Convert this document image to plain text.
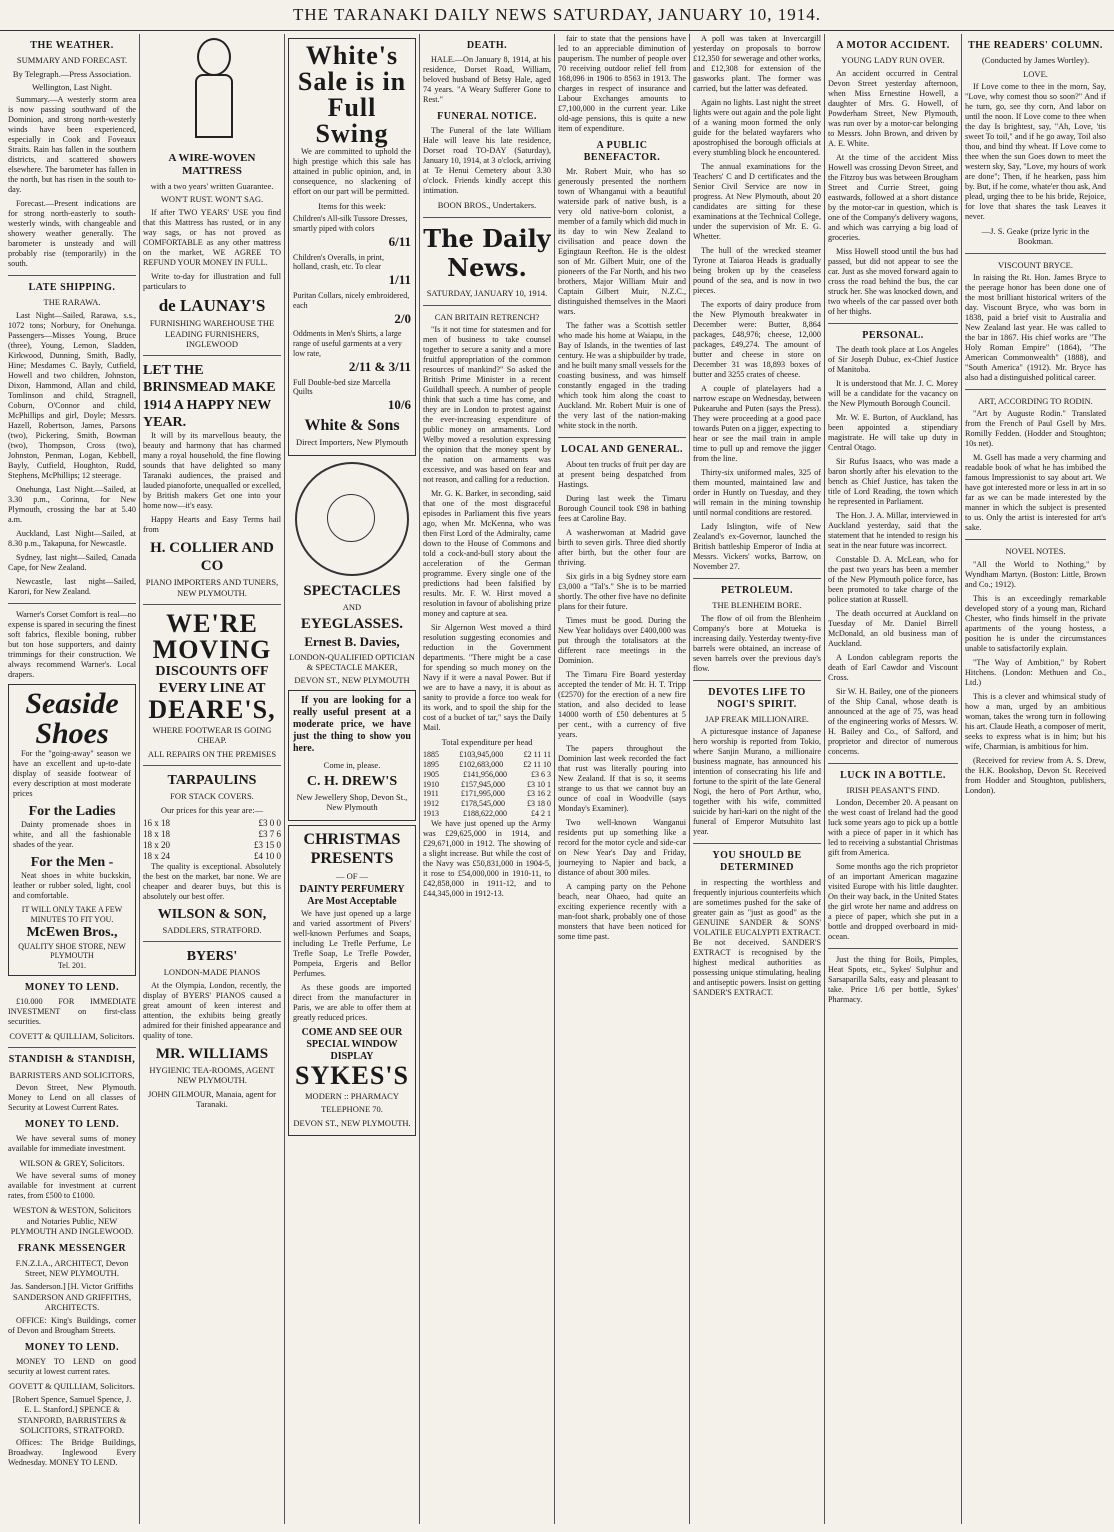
THE TARANAKI DAILY NEWS SATURDAY, JANUARY 10, 1914.
THE WEATHER.
SUMMARY AND FORECAST.
By Telegraph.—Press Association.
Wellington, Last Night.

Summary.—A westerly storm area is now passing southward of the Dominion, and strong north-westerly winds have been experienced, especially in Cook and Foveaux Straits. Rain has fallen in the southern districts, and scattered showers elsewhere. The barometer has fallen in the north, but has risen in the south to-day.

Forecast.—Present indications are for strong north-easterly to south-westerly winds, with changeable and showery weather generally. The barometer is unsteady and will probably rise (temporarily) in the south.

LATE SHIPPING.
THE RARAWA.

Last Night—Sailed, Rarawa, s.s., 1072 tons; Norbury, for Onehunga. Passengers—Misses Young, Bruce (three), Young, Lemon, Sladden, Kirkwood, Dunning, Smith, Badly, Hine; Mesdames C. Bayly, Cutfield, Howell and two children, Johnston, Dixon, Hammond, Allan and child, Tomlinson and child, Stragnell, Coburn, O'Connor and child, McPhillips and girl, Doyle; Messrs. Hazell, Robertson, James, Parsons (two), Pickering, Smith, Bowman (two), Thompson, Cross (two), Johnston, Penman, Logan, Kebbell, Bayly, Cutfield, Houghton, Rudd, Stephens, McPhillips; 12 steerage.

Onehunga, Last Night.—Sailed, at 3.30 p.m., Corinna, for New Plymouth, crossing the bar at 5.40 a.m.

Auckland, Last Night—Sailed, at 8.30 p.m., Takapuna, for Newcastle.

Sydney, last night—Sailed, Canada Cape, for New Zealand.

Newcastle, last night—Sailed, Karori, for New Zealand.

Warner's Corset Comfort is real—no expense is spared in securing the finest soft fabrics, flexible boning, rubber but ton hose supporters, and dainty trimmings for their construction. We always recommend Warner's. Local drapers.

Seaside Shoes

For the "going-away" season we have an excellent and up-to-date display of seaside footwear of every description at most moderate prices

For the Ladies

Dainty promenade shoes in white, and all the fashionable shades of the year.

For the Men -

Neat shoes in white buckskin, leather or rubber soled, light, cool and comfortable.

IT WILL ONLY TAKE A FEW MINUTES TO FIT YOU.
McEwen Bros.,
QUALITY SHOE STORE, NEW PLYMOUTH
Tel. 201.
MONEY TO LEND.

£10.000 FOR IMMEDIATE INVESTMENT on first-class securities.

COVETT & QUILLIAM, Solicitors.
STANDISH & STANDISH,
BARRISTERS AND SOLICITORS,

Devon Street, New Plymouth. Money to Lend on all classes of Security at Lowest Current Rates.

MONEY TO LEND.

We have several sums of money available for immediate investment.

WILSON & GREY, Solicitors.

We have several sums of money available for investment at current rates, from £500 to £1000.

WESTON & WESTON, Solicitors and Notaries Public, NEW PLYMOUTH AND INGLEWOOD.
FRANK MESSENGER
F.N.Z.I.A., ARCHITECT, Devon Street, NEW PLYMOUTH.
Jas. Sanderson.] [H. Victor Griffiths SANDERSON AND GRIFFITHS, ARCHITECTS.

OFFICE: King's Buildings, corner of Devon and Brougham Streets.

MONEY TO LEND.

MONEY TO LEND on good security at lowest current rates.

GOVETT & QUILLIAM, Solicitors.
[Robert Spence, Samuel Spence, J. E. L. Stanford.] SPENCE & STANFORD, BARRISTERS & SOLICITORS, STRATFORD.

Offices: The Bridge Buildings, Broadway. Inglewood Every Wednesday. MONEY TO LEND.

A WIRE-WOVEN MATTRESS
with a two years' written Guarantee.
WON'T RUST. WON'T SAG.

If after TWO YEARS' USE you find that this Mattress has rusted, or in any way sags, or has not proved as COMFORTABLE as any other mattress on the market, WE AGREE TO REFUND YOUR MONEY IN FULL.

Write to-day for illustration and full particulars to

de LAUNAY'S
FURNISHING WAREHOUSE THE LEADING FURNISHERS, INGLEWOOD
LET THE BRINSMEAD MAKE 1914 A HAPPY NEW YEAR.

It will by its marvellous beauty, the beauty and harmony that has charmed many a royal household, the fine flowing sounds that have delighted so many Taranaki audiences, the praised and lauded pianoforte, unequalled or excelled, by British makers Get one into your home now—it's easy.

Happy Hearts and Easy Terms hail from

H. COLLIER AND CO
PIANO IMPORTERS AND TUNERS, NEW PLYMOUTH.
WE'RE
MOVING
DISCOUNTS OFF EVERY LINE AT
DEARE'S,
WHERE FOOTWEAR IS GOING CHEAP.
ALL REPAIRS ON THE PREMISES
TARPAULINS
FOR STACK COVERS.
Our prices for this year are:—
16 x 18	£3 0 0
18 x 18	£3 7 6
18 x 20	£3 15 0
18 x 24	£4 10 0

The quality is exceptional. Absolutely the best on the market, bar none. We are cheaper and dearer buys, but this is absolutely our best offer.

WILSON & SON,
SADDLERS, STRATFORD.
BYERS'
LONDON-MADE PIANOS

At the Olympia, London, recently, the display of BYERS' PIANOS caused a great amount of keen interest and attention, the exhibits being greatly admired for their finished appearance and quality of tone.

MR. WILLIAMS
HYGIENIC TEA-ROOMS, AGENT NEW PLYMOUTH.
JOHN GILMOUR, Manaia, agent for Taranaki.
White's
Sale is in
Full Swing

We are committed to uphold the high prestige which this sale has attained in public opinion, and, in consequence, no slackening of effort on our part will be permitted.

Items for this week:
Children's All-silk Tussore Dresses, smartly piped with colors
6/11
Children's Overalls, in print, holland, crash, etc. To clear
1/11
Puritan Collars, nicely embroidered, each
2/0
Oddments in Men's Shirts, a large range of useful garments at a very low rate,
2/11 & 3/11
Full Double-bed size Marcella Quilts
10/6
White & Sons
Direct Importers, New Plymouth
SPECTACLES
AND
EYEGLASSES.
Ernest B. Davies,
LONDON-QUALIFIED OPTICIAN & SPECTACLE MAKER,
DEVON ST., NEW PLYMOUTH

If you are looking for a really useful present at a moderate price, we have just the thing to show you here.

Come in, please.
C. H. DREW'S
New Jewellery Shop, Devon St., New Plymouth
CHRISTMAS
PRESENTS
— OF —
DAINTY PERFUMERY Are Most Acceptable

We have just opened up a large and varied assortment of Pivers' well-known Perfumes and Soaps, including Le Trefle Perfume, Le Trefle Soap, Le Trefle Powder, Pompeia, Ergeris and Bellor Perfumes.

As these goods are imported direct from the manufacturer in Paris, we are able to offer them at greatly reduced prices.

COME AND SEE OUR SPECIAL WINDOW DISPLAY
SYKES'S
MODERN :: PHARMACY
TELEPHONE 70.
DEVON ST., NEW PLYMOUTH.
DEATH.

HALE.—On January 8, 1914, at his residence, Dorset Road, William, beloved husband of Betsy Hale, aged 74 years. "A Weary Sufferer Gone to Rest."

FUNERAL NOTICE.

The Funeral of the late William Hale will leave his late residence, Dorset road TO-DAY (Saturday), January 10, 1914, at 3 o'clock, arriving at Te Henui Cemetery about 3.30 o'clock. Friends kindly accept this intimation.

BOON BROS., Undertakers.
The Daily News.
SATURDAY, JANUARY 10, 1914.
CAN BRITAIN RETRENCH?

"Is it not time for statesmen and for men of business to take counsel together to secure a sanity and a more fruitful appropriation of the common resources of mankind?" So asked the British Prime Minister in a recent Guildhall speech. A number of people think that such a time has come, and they are in London to protest against the ever-increasing expenditure of public money on armaments. Lord Welby moved a resolution expressing the opinion that the money spent by the nation on armaments was excessive, and was based on fear and not reason, and calling for a reduction.

Mr. G. K. Barker, in seconding, said that one of the most disgraceful episodes in Parliament this five years ago, when Mr. McKenna, who was then First Lord of the Admiralty, came down to the House of Commons and told a cock-and-bull story about the acceleration of the German programme. Every single one of the predictions had been falsified by results. Mr. F. W. Hirst moved a resolution in favour of abolishing prize money and capture at sea.

Sir Algernon West moved a third resolution suggesting economies and reduction in the Government departments. "There might be a case for spending so much money on the Navy if it were a naval Power. But if we are to have a navy, it is about as sanity to provide a force too weak for its work, and to spoil the ship for the cost of a bucket of tar," says the Daily Mail.

Total expenditure per head
1885	£103,945,000	£2 11 11
1895	£102,683,000	£2 11 10
1905	£141,956,000	£3 6 3
1910	£157,945,000	£3 10 1
1911	£171,995,000	£3 16 2
1912	£178,545,000	£3 18 0
1913	£188,622,000	£4 2 1

We have just opened up the Army was £29,625,000 in 1914, and £29,671,000 in 1912. The showing of a slight increase. But while the cost of the Navy was £50,831,000 in 1904-5, it rose to £54,000,000 in 1910-11, to £42,858,000 in 1911-12, and to £44,345,000 in 1912-13.

fair to state that the pensions have led to an appreciable diminution of pauperism. The number of people over 70 receiving outdoor relief fell from 168,096 in 1906 to 8563 in 1913. The charges in respect of insurance and Labour Exchanges amounts to £7,100,000 in the current year. Like old-age pensions, this is quite a new item of expenditure.

A PUBLIC BENEFACTOR.

Mr. Robert Muir, who has so generously presented the northern town of Whanganui with a beautiful waterside park of native bush, is a very old native-born colonist, a member of a family which did much in its day to win New Zealand to civilisation and peace down the Egingtaun Reefton. He is the oldest son of Mr. Gilbert Muir, one of the pioneers of the Far North, and his two brothers, Major William Muir and Captain Gilbert Muir, N.Z.C., distinguished themselves in the Maori wars.

The father was a Scottish settler who made his home at Waiapu, in the Bay of Islands, in the twenties of last century. He was a shipbuilder by trade, and he built many small vessels for the coasting business, and was himself constantly engaged in the trading which took him along the coast to Auckland. Mr. Robert Muir is one of the very last of the nation-making white stock in the north.

LOCAL AND GENERAL.

About ten trucks of fruit per day are at present being despatched from Hastings.

During last week the Timaru Borough Council took £98 in bathing fees at Caroline Bay.

A washerwoman at Madrid gave birth to seven girls. Three died shortly after birth, but the other four are thriving.

Six girls in a big Sydney store earn £3,000 a "Tal's." She is to be married shortly. The other five have no definite plans for their future.

Times must be good. During the New Year holidays over £400,000 was put through the totalisators at the different race meetings in the Dominion.

The Timaru Fire Board yesterday accepted the tender of Mr. H. T. Tripp (£2570) for the erection of a new fire station, and also decided to lease 14000 worth of £50 debentures at 5 per cent., with a currency of five years.

The papers throughout the Dominion last week recorded the fact that rust was literally pouring into New Zealand. If that is so, it seems strange to us that we cannot buy an ounce of coal in Woodville (says Monday's Examiner).

Two well-known Wanganui residents put up something like a record for the motor cycle and side-car on New Year's Day and Friday, journeying to Napier and back, a distance of about 300 miles.

A camping party on the Pehone beach, near Ohaeo, had quite an exciting experience recently with a man-foot shark, probably one of those monsters that have been noticed for some time past.

A poll was taken at Invercargill yesterday on proposals to borrow £12,350 for sewerage and other works, and £12,308 for extension of the gasworks plant. The former was carried, but the latter was defeated.

Again no lights. Last night the street lights were out again and the pole light of a waning moon formed the only guide for the belated wayfarers who apostrophised the borough officials at every stumbling block he encountered.

The annual examinations for the Teachers' C and D certificates and the Senior Civil Service are now in progress. At New Plymouth, about 20 candidates are sitting for these examinations at the Technical College, under the supervision of Mr. E. G. Whetter.

The hull of the wrecked steamer Tyrone at Taiaroa Heads is gradually being broken up by the ceaseless pound of the sea, and is now in two pieces.

The exports of dairy produce from the New Plymouth breakwater in December were: Butter, 8,864 packages, £48,976; cheese, 12,000 packages, £49,274. The amount of butter and cheese in store on December 31 was 18,893 boxes of butter and 3255 crates of cheese.

A couple of platelayers had a narrow escape on Wednesday, between Pukearuhe and Puten (says the Press). They were proceeding at a good pace towards Puten on a jigger, expecting to hear or see the mail train in ample time to pull up and remove the jigger from the line.

Thirty-six uniformed males, 325 of them mounted, maintained law and order in Huntly on Tuesday, and they will remain in the mining township until normal conditions are restored.

Lady Islington, wife of New Zealand's ex-Governor, launched the British battleship Emperor of India at Messrs. Vickers' works, Barrow, on November 27.

PETROLEUM.
THE BLENHEIM BORE.

The flow of oil from the Blenheim Company's bore at Motueka is increasing daily. Yesterday twenty-five barrels were obtained, an increase of seven barrels over the previous day's flow.

DEVOTES LIFE TO NOGI'S SPIRIT.
JAP FREAK MILLIONAIRE.

A picturesque instance of Japanese hero worship is reported from Tokio, where Sanjin Murano, a millionaire business magnate, has announced his intention of consecrating his life and fortune to the spirit of the late General Nogi, the hero of Port Arthur, who, together with his wife, committed suicide by hari-kari on the night of the funeral of Emperor Mutsuhito last year.

YOU SHOULD BE DETERMINED

in respecting the worthless and frequently injurious counterfeits which are sometimes pushed for the sake of greater gain as "just as good" as the GENUINE SANDER & SONS' VOLATILE EUCALYPTI EXTRACT. Be not deceived. SANDER'S EXTRACT is recognised by the highest medical authorities as possessing unique stimulating, healing and antiseptic powers. Insist on getting SANDER'S EXTRACT.

A MOTOR ACCIDENT.
YOUNG LADY RUN OVER.

An accident occurred in Central Devon Street yesterday afternoon, when Miss Ernestine Howell, a daughter of Mrs. G. Howell, of Powderham Street, New Plymouth, was run over by a motor-car belonging to Messrs. John Brown, and driven by A. E. White.

At the time of the accident Miss Howell was crossing Devon Street, and the Fitzroy bus was between Brougham Street and Currie Street, going eastwards, followed at a short distance by the motor-car in question, which is one of the Company's delivery wagons, and which was carrying a big load of groceries.

Miss Howell stood until the bus had passed, but did not appear to see the car. Just as she moved forward again to cross the road behind the bus, the car struck her. She was knocked down, and two wheels of the car passed over both of her thighs.

PERSONAL.

The death took place at Los Angeles of Sir Joseph Dubuc, ex-Chief Justice of Manitoba.

It is understood that Mr. J. C. Morey will be a candidate for the vacancy on the New Plymouth Borough Council.

Mr. W. E. Burton, of Auckland, has been appointed a stipendiary magistrate. He will take up duty in Central Otago.

Sir Rufus Isaacs, who was made a baron shortly after his elevation to the bench as Chief Justice, has taken the title of Lord Reading, the town which he represented in Parliament.

The Hon. J. A. Millar, interviewed in Auckland yesterday, said that the statement that he intended to resign his seat in the near future was incorrect.

Constable D. A. McLean, who for the past two years has been a member of the New Plymouth police force, has been promoted to take charge of the police station at Russell.

The death occurred at Auckland on Tuesday of Mr. Daniel Birrell McDonald, an old business man of Auckland.

A London cablegram reports the death of Earl Cawdor and Viscount Cross.

Sir W. H. Bailey, one of the pioneers of the Ship Canal, whose death is announced at the age of 75, was head of the engineering works of Messrs. W. H. Bailey and Co., of Salford, and proprietor and director of numerous concerns.

LUCK IN A BOTTLE.
IRISH PEASANT'S FIND.

London, December 20. A peasant on the west coast of Ireland had the good luck some years ago to pick up a bottle with a piece of paper in it which has led to receiving a substantial Christmas gift from America.

Some months ago the rich proprietor of an important American magazine visited Europe with his little daughter. On their way back, in the United States the girl wrote her name and address on a piece of paper, which she put in a bottle and dropped overboard in mid-ocean.

Just the thing for Boils, Pimples, Heat Spots, etc., Sykes' Sulphur and Sarsaparilla Salts, easy and pleasant to take. Price 1/6 per bottle, Sykes' Pharmacy.

THE READERS' COLUMN.
(Conducted by James Wortley).
LOVE.

If Love come to thee in the morn, Say, "Love, why comest thou so soon?" And if he turn, go, see thy corn, And labor on until the noon. If Love come to thee when the day Is brightest, say, "Ah, Love, 'tis sweet To toil," and if he go away, Toil also thou, and bind thy wheat. If Love come to thee when the sun Goes down to meet the western sky, Say, "Love, my hours of work are done"; Then, if he hearken, pass him by. But, if he come, whate'er thou ask, And plead, urging thee to be his bride, Rejoice, for love that shares the task Leaves it never.

—J. S. Geake (prize lyric in the Bookman.
VISCOUNT BRYCE.

In raising the Rt. Hon. James Bryce to the peerage honor has been done one of the most brilliant historical writers of the day. Viscount Bryce, who was born in 1838, paid a brief visit to Australia and New Zealand last year. He was called to the bar in 1867. His chief works are "The Holy Roman Empire" (1864), "The American Commonwealth" (1888), and "South America" (1912). Mr. Bryce has also had a distinguished political career.

ART, ACCORDING TO RODIN.

"Art by Auguste Rodin." Translated from the French of Paul Gsell by Mrs. Romilly Fedden. (Hodder and Stoughton; 10s net).

M. Gsell has made a very charming and readable book of what he has imbibed the famous Impressionist to say about art. We have got interested more or less in art in so far as we can be made interested by the manner in which the subject is presented to us. Only the artist is interested for art's sake.

NOVEL NOTES.

"All the World to Nothing," by Wyndham Martyn. (Boston: Little, Brown and Co.; 1912).

This is an exceedingly remarkable developed story of a young man, Richard Chester, who finds himself in the private apartments of the young hostess, a position he is under the circumstances unable to satisfactorily explain.

"The Way of Ambition," by Robert Hitchens. (London: Methuen and Co., Ltd.)

This is a clever and whimsical study of how a man, urged by an ambitious woman, takes the wrong turn in following his art. Claude Heath, a composer of merit, seeks to express what is in him; but his wife, Charmian, is ambitious for him.

(Received for review from A. S. Drew, the H.K. Bookshop, Devon St. Received from Hodder and Stoughton, publishers, London).
